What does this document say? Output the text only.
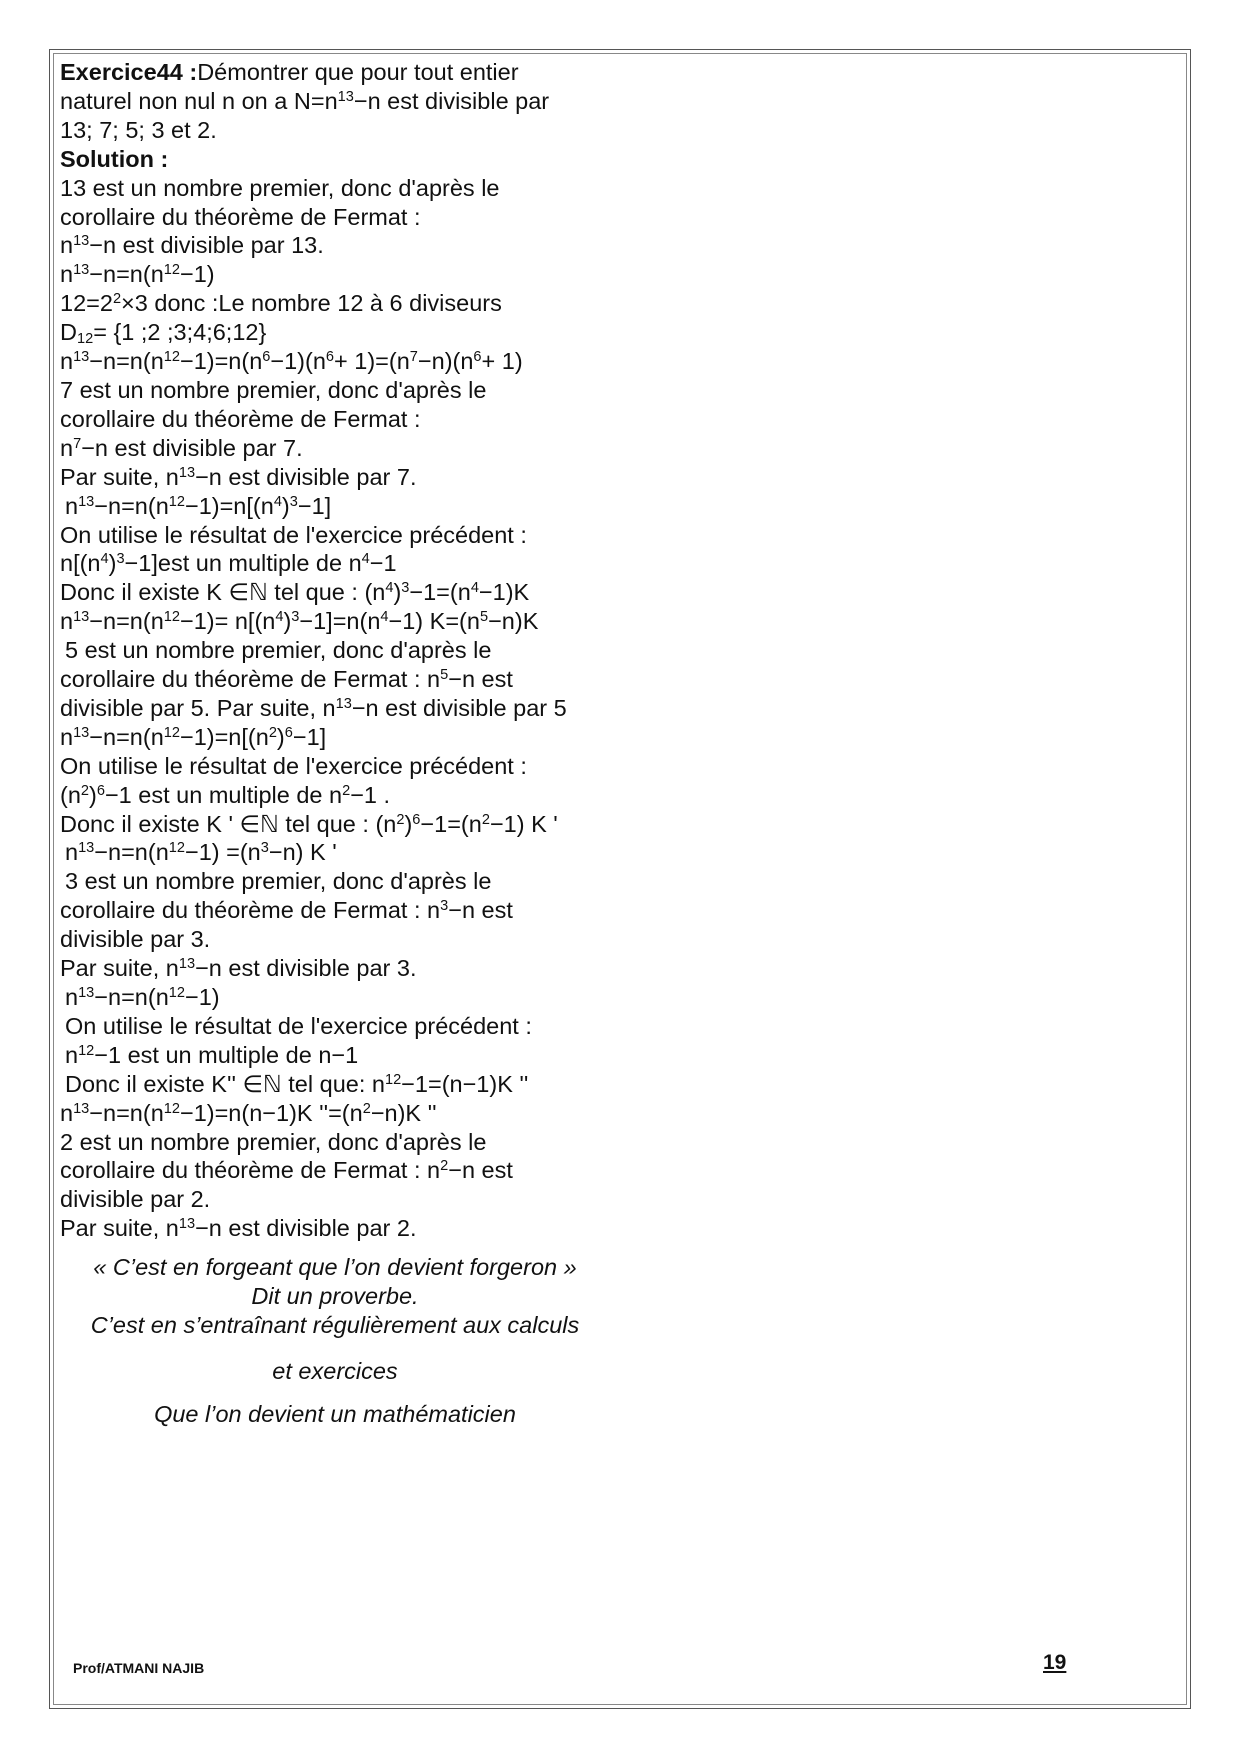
Exercice44 :Démontrer que pour tout entier
naturel non nul n on a $N=n^{13}-n$ est divisible par
13; 7; 5; 3 et 2.
Solution :
13 est un nombre premier, donc d'après le
corollaire du théorème de Fermat :
$n^{13}-n$ est divisible par 13.
$n^{13}-n=n(n^{12}-1)$
$12=2^2\times 3$ donc :Le nombre 12 à 6 diviseurs
$D_{12}= \{1$ ;2 ;3;4;6;12}
$n^{13}-n=n(n^{12}-1)=n(n^6-1)(n^6+ 1)=(n^7-n)(n^6+ 1)$
7 est un nombre premier, donc d'après le
corollaire du théorème de Fermat :
$n^7-n$ est divisible par 7.
Par suite, $n^{13}-n$ est divisible par 7.
$n^{13}-n=n(n^{12}-1)=n[(n^4)^3-1]$
On utilise le résultat de l'exercice précédent :
$n[(n^4)^3-1]est$ un multiple de $n^4-1$
Donc il existe K ∈ℕ tel que : $(n^4)^3-1=(n^4-1)K$
$n^{13}-n=n(n^{12}-1)= n[(n^4)^3-1]=n(n^4-1)$ $K=(n^5-n)K$
5 est un nombre premier, donc d'après le
corollaire du théorème de Fermat : $n^5-n$ est
divisible par 5. Par suite, $n^{13}-n$ est divisible par 5
$n^{13}-n=n(n^{12}-1)=n[(n^2)^6-1]$
On utilise le résultat de l'exercice précédent :
$(n^2)^6-1$ est un multiple de $n^2-1$ .
Donc il existe K ' ∈ℕ tel que : $(n^2)^6-1=(n^2-1)$ K '
$n^{13}-n=n(n^{12}-1) =(n^3-n)$ K '
3 est un nombre premier, donc d'après le
corollaire du théorème de Fermat : $n^3-n$ est
divisible par 3.
Par suite, $n^{13}-n$ est divisible par 3.
$n^{13}-n=n(n^{12}-1)$
On utilise le résultat de l'exercice précédent :
$n^{12}-1$ est un multiple de n−1
Donc il existe K'' ∈ℕ tel que: $n^{12}-1=(n-1)K$ ''
$n^{13}-n=n(n^{12}-1)=n(n-1)K$ ''$=(n^2-n)K$ ''
2 est un nombre premier, donc d'après le
corollaire du théorème de Fermat : $n^2-n$ est
divisible par 2.
Par suite, $n^{13}-n$ est divisible par 2.
« C’est en forgeant que l’on devient forgeron »
Dit un proverbe.
C’est en s’entraînant régulièrement aux calculs
et exercices
Que l’on devient un mathématicien
Prof/ATMANI NAJIB	19
